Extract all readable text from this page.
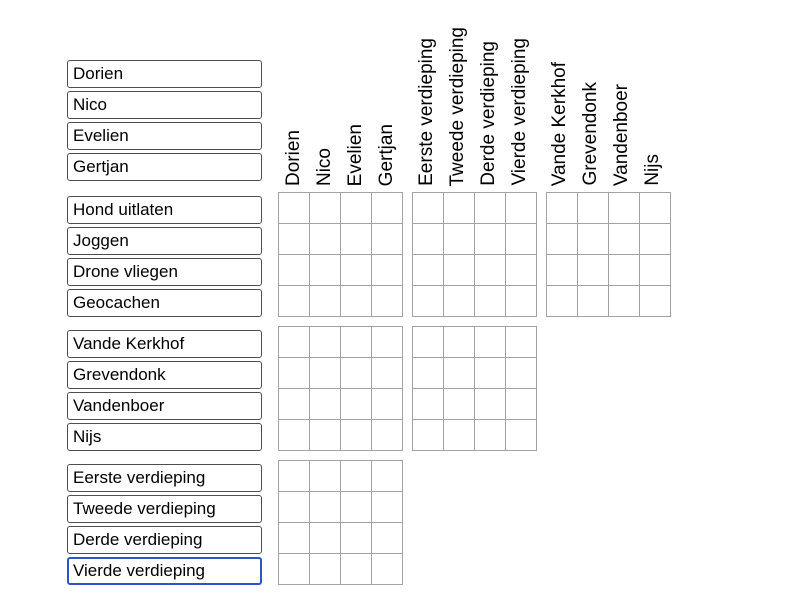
Dorien
Nico
Evelien
Gertjan
Dorien Nico Evelien Gertjan Eerste verdieping Tweede verdieping Derde verdieping Vierde verdieping Vande Kerkhof Grevendonk Vandenboer Nijs
Hond uitlaten
Joggen
Drone vliegen
Geocachen
Vande Kerkhof
Grevendonk
Vandenboer
Nijs
Eerste verdieping
Tweede verdieping
Derde verdieping
Vierde verdieping
